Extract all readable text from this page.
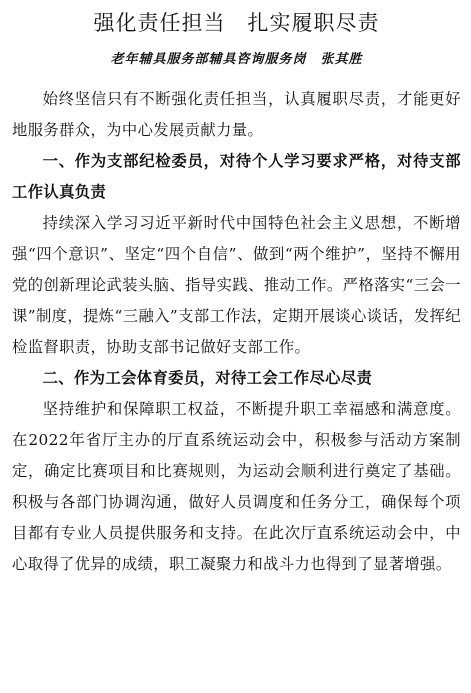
强化责任担当　扎实履职尽责
老年辅具服务部辅具咨询服务岗　张其胜

始终坚信只有不断强化责任担当，认真履职尽责，才能更好地服务群众，为中心发展贡献力量。

一、作为支部纪检委员，对待个人学习要求严格，对待支部工作认真负责

持续深入学习习近平新时代中国特色社会主义思想，不断增强“四个意识”、坚定“四个自信”、做到“两个维护”，坚持不懈用党的创新理论武装头脑、指导实践、推动工作。严格落实“三会一课”制度，提炼“三融入”支部工作法，定期开展谈心谈话，发挥纪检监督职责，协助支部书记做好支部工作。

二、作为工会体育委员，对待工会工作尽心尽责

坚持维护和保障职工权益，不断提升职工幸福感和满意度。在2022年省厅主办的厅直系统运动会中，积极参与活动方案制定，确定比赛项目和比赛规则，为运动会顺利进行奠定了基础。积极与各部门协调沟通，做好人员调度和任务分工，确保每个项目都有专业人员提供服务和支持。在此次厅直系统运动会中，中心取得了优异的成绩，职工凝聚力和战斗力也得到了显著增强。
